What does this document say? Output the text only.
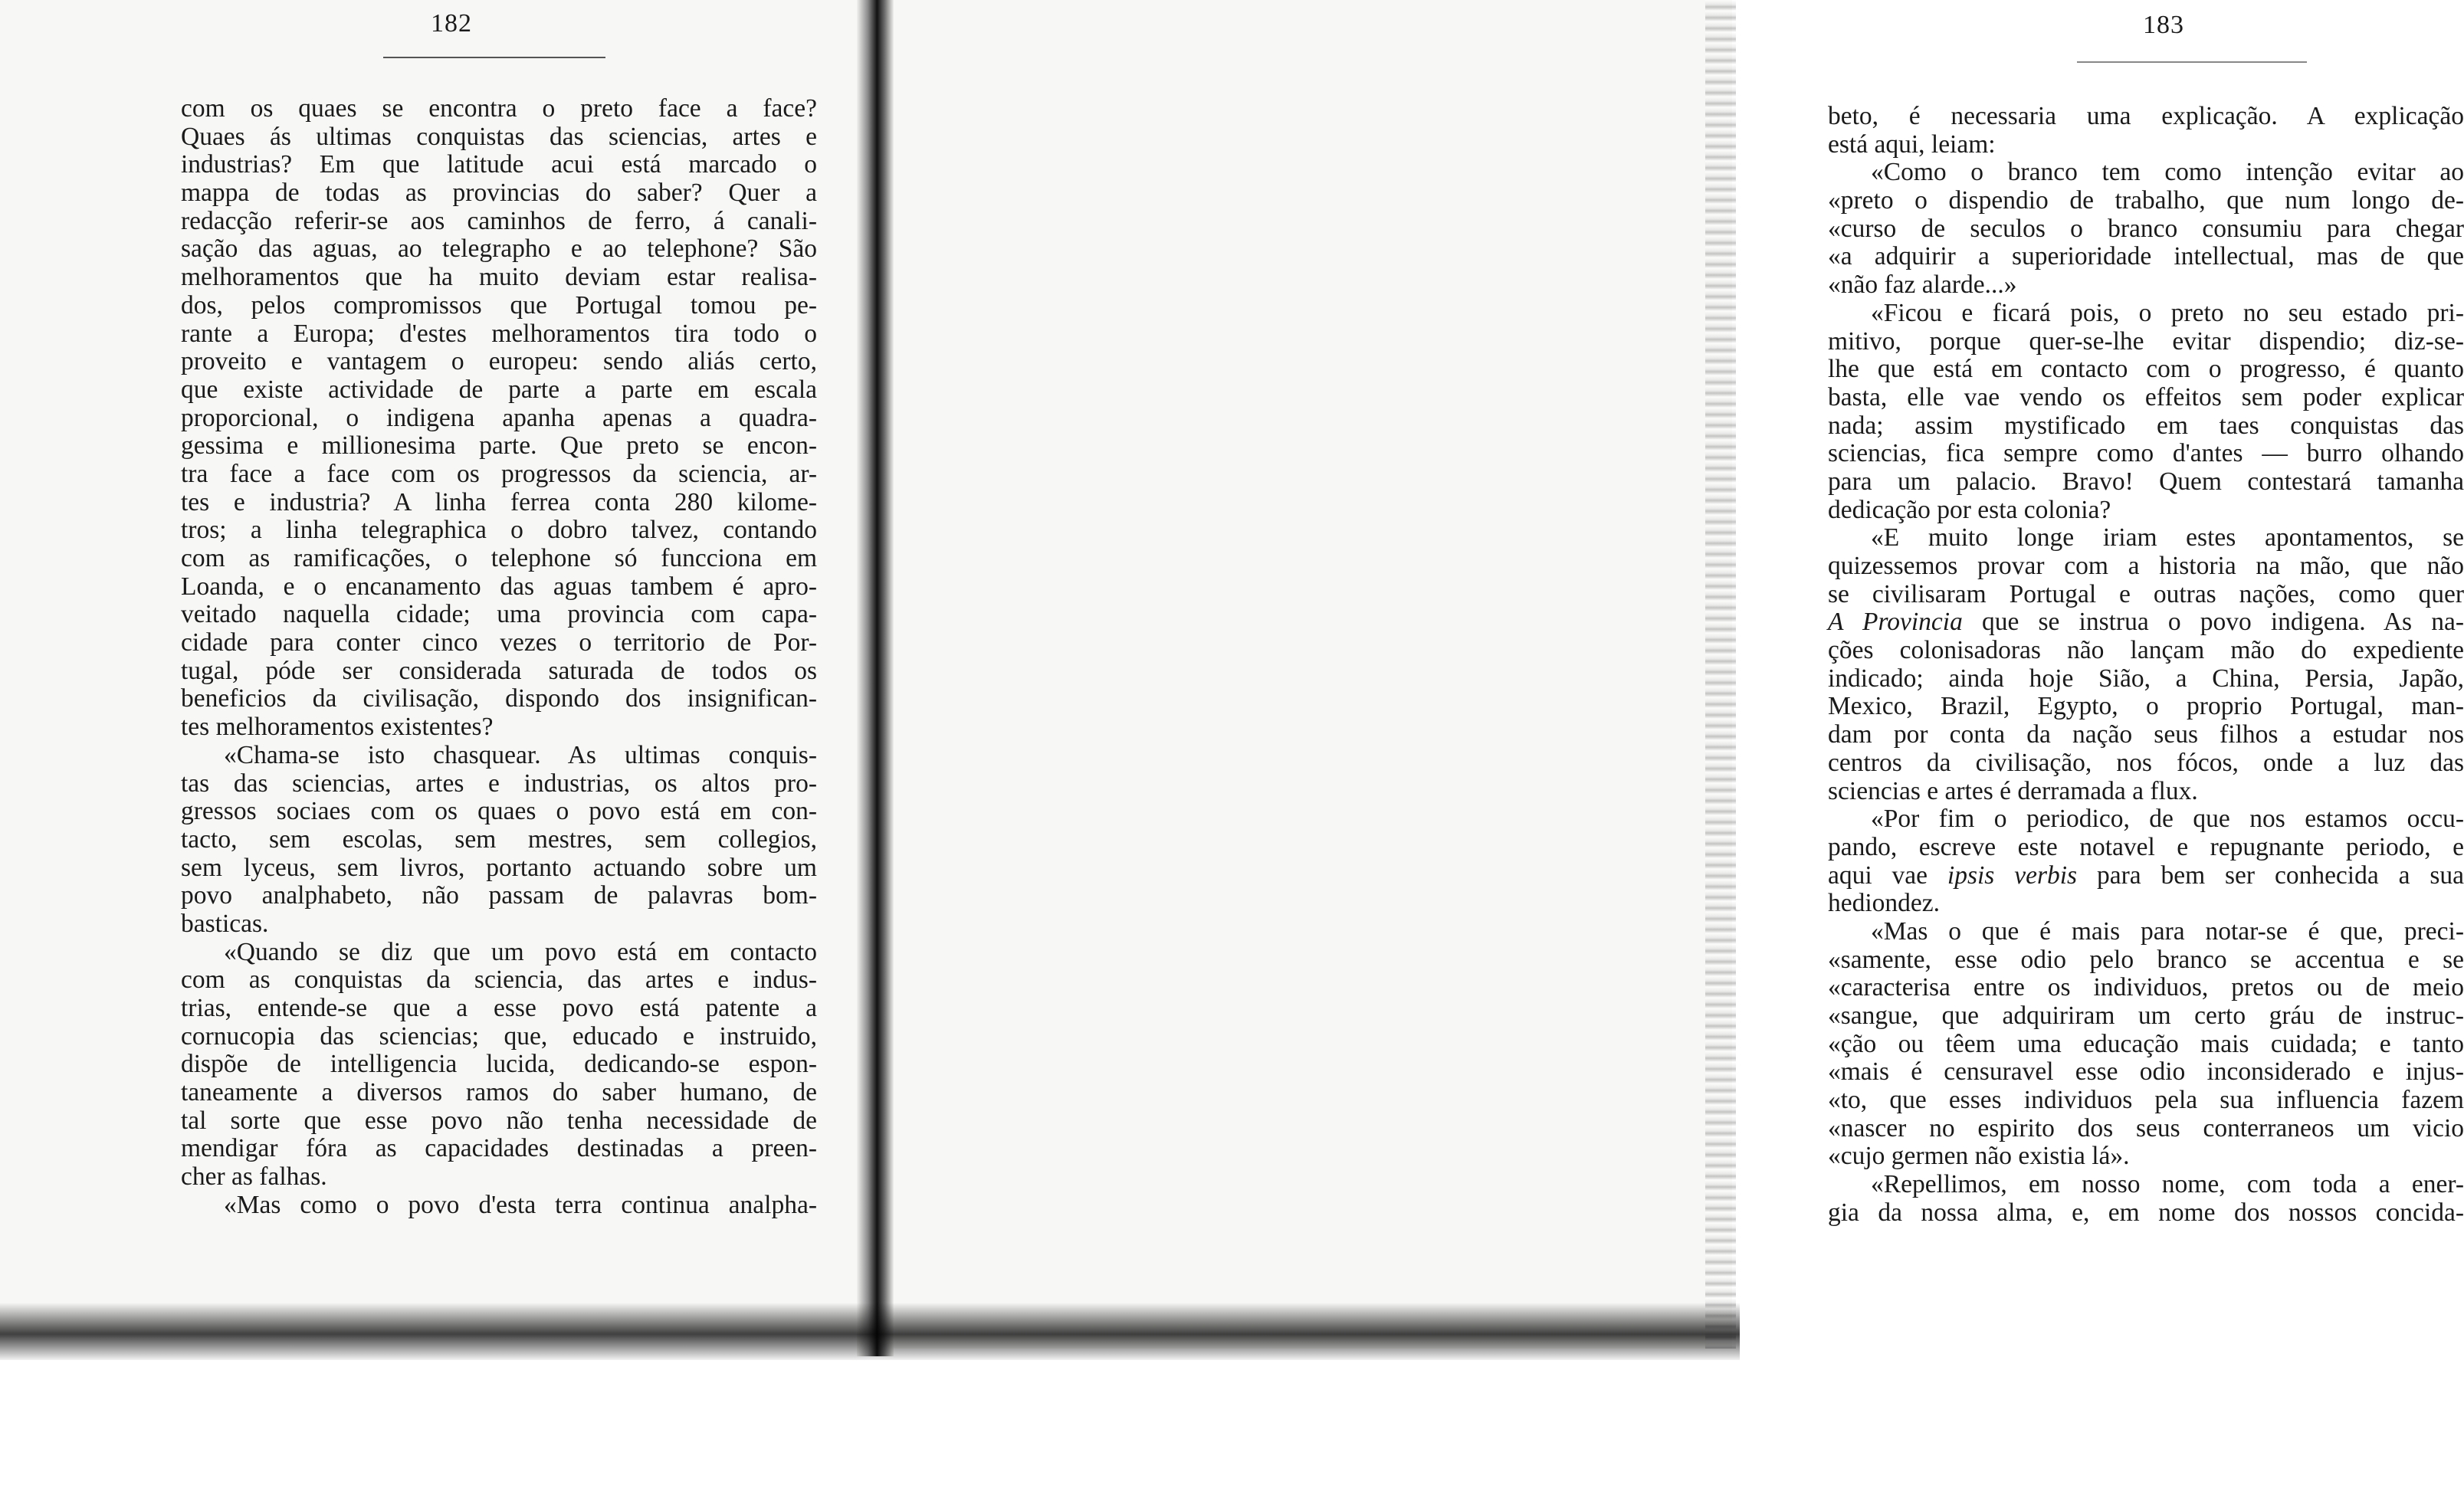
182
com os quaes se encontra o preto face a face?
Quaes ás ultimas conquistas das sciencias, artes e
industrias? Em que latitude acui está marcado o
mappa de todas as provincias do saber? Quer a
redacção referir-se aos caminhos de ferro, á canali-
sação das aguas, ao telegrapho e ao telephone? São
melhoramentos que ha muito deviam estar realisa-
dos, pelos compromissos que Portugal tomou pe-
rante a Europa; d'estes melhoramentos tira todo o
proveito e vantagem o europeu: sendo aliás certo,
que existe actividade de parte a parte em escala
proporcional, o indigena apanha apenas a quadra-
gessima e millionesima parte. Que preto se encon-
tra face a face com os progressos da sciencia, ar-
tes e industria? A linha ferrea conta 280 kilome-
tros; a linha telegraphica o dobro talvez, contando
com as ramificações, o telephone só funcciona em
Loanda, e o encanamento das aguas tambem é apro-
veitado naquella cidade; uma provincia com capa-
cidade para conter cinco vezes o territorio de Por-
tugal, póde ser considerada saturada de todos os
beneficios da civilisação, dispondo dos insignifican-
tes melhoramentos existentes?
«Chama-se isto chasquear. As ultimas conquis-
tas das sciencias, artes e industrias, os altos pro-
gressos sociaes com os quaes o povo está em con-
tacto, sem escolas, sem mestres, sem collegios,
sem lyceus, sem livros, portanto actuando sobre um
povo analphabeto, não passam de palavras bom-
basticas.
«Quando se diz que um povo está em contacto
com as conquistas da sciencia, das artes e indus-
trias, entende-se que a esse povo está patente a
cornucopia das sciencias; que, educado e instruido,
dispõe de intelligencia lucida, dedicando-se espon-
taneamente a diversos ramos do saber humano, de
tal sorte que esse povo não tenha necessidade de
mendigar fóra as capacidades destinadas a preen-
cher as falhas.
«Mas como o povo d'esta terra continua analpha-
183
beto, é necessaria uma explicação. A explicação
está aqui, leiam:
«Como o branco tem como intenção evitar ao
«preto o dispendio de trabalho, que num longo de-
«curso de seculos o branco consumiu para chegar
«a adquirir a superioridade intellectual, mas de que
«não faz alarde...»
«Ficou e ficará pois, o preto no seu estado pri-
mitivo, porque quer-se-lhe evitar dispendio; diz-se-
lhe que está em contacto com o progresso, é quanto
basta, elle vae vendo os effeitos sem poder explicar
nada; assim mystificado em taes conquistas das
sciencias, fica sempre como d'antes — burro olhando
para um palacio. Bravo! Quem contestará tamanha
dedicação por esta colonia?
«E muito longe iriam estes apontamentos, se
quizessemos provar com a historia na mão, que não
se civilisaram Portugal e outras nações, como quer
A Provincia que se instrua o povo indigena. As na-
ções colonisadoras não lançam mão do expediente
indicado; ainda hoje Sião, a China, Persia, Japão,
Mexico, Brazil, Egypto, o proprio Portugal, man-
dam por conta da nação seus filhos a estudar nos
centros da civilisação, nos fócos, onde a luz das
sciencias e artes é derramada a flux.
«Por fim o periodico, de que nos estamos occu-
pando, escreve este notavel e repugnante periodo, e
aqui vae ipsis verbis para bem ser conhecida a sua
hediondez.
«Mas o que é mais para notar-se é que, preci-
«samente, esse odio pelo branco se accentua e se
«caracterisa entre os individuos, pretos ou de meio
«sangue, que adquiriram um certo gráu de instruc-
«ção ou têem uma educação mais cuidada; e tanto
«mais é censuravel esse odio inconsiderado e injus-
«to, que esses individuos pela sua influencia fazem
«nascer no espirito dos seus conterraneos um vicio
«cujo germen não existia lá».
«Repellimos, em nosso nome, com toda a ener-
gia da nossa alma, e, em nome dos nossos concida-
